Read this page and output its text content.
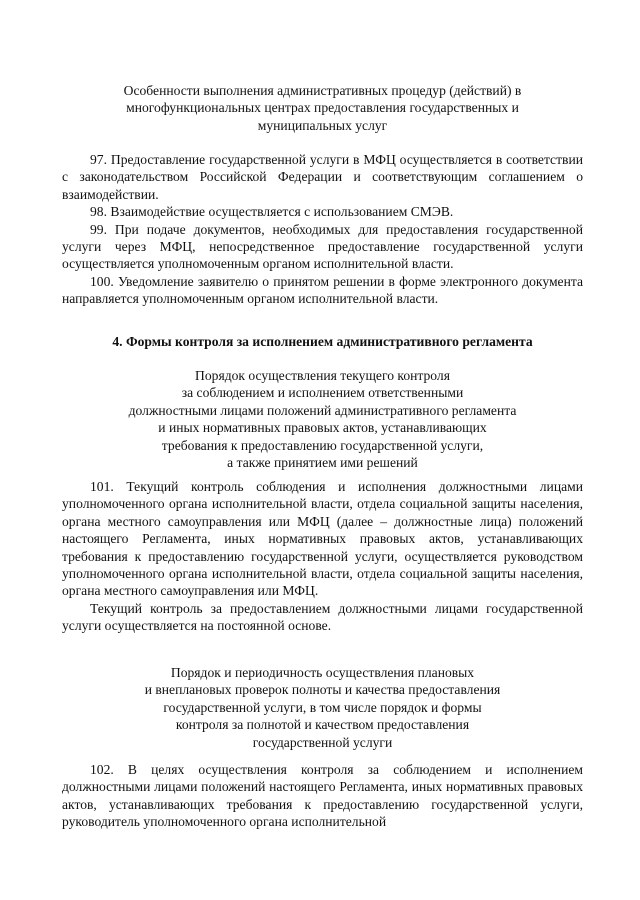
Особенности выполнения административных процедур (действий) в
многофункциональных центрах предоставления государственных и
муниципальных услуг

97. Предоставление государственной услуги в МФЦ осуществляется в соответствии с законодательством Российской Федерации и соответствующим соглашением о взаимодействии.

98. Взаимодействие осуществляется с использованием СМЭВ.

99. При подаче документов, необходимых для предоставления государственной услуги через МФЦ, непосредственное предоставление государственной услуги осуществляется уполномоченным органом исполнительной власти.

100. Уведомление заявителю о принятом решении в форме электронного документа направляется уполномоченным органом исполнительной власти.

4. Формы контроля за исполнением административного регламента
Порядок осуществления текущего контроля
за соблюдением и исполнением ответственными
должностными лицами положений административного регламента
и иных нормативных правовых актов, устанавливающих
требования к предоставлению государственной услуги,
а также принятием ими решений

101. Текущий контроль соблюдения и исполнения должностными лицами уполномоченного органа исполнительной власти, отдела социальной защиты населения, органа местного самоуправления или МФЦ (далее – должностные лица) положений настоящего Регламента, иных нормативных правовых актов, устанавливающих требования к предоставлению государственной услуги, осуществляется руководством уполномоченного органа исполнительной власти, отдела социальной защиты населения, органа местного самоуправления или МФЦ.

Текущий контроль за предоставлением должностными лицами государственной услуги осуществляется на постоянной основе.

Порядок и периодичность осуществления плановых
и внеплановых проверок полноты и качества предоставления
государственной услуги, в том числе порядок и формы
контроля за полнотой и качеством предоставления
государственной услуги

102. В целях осуществления контроля за соблюдением и исполнением должностными лицами положений настоящего Регламента, иных нормативных правовых актов, устанавливающих требования к предоставлению государственной услуги, руководитель уполномоченного органа исполнительной
